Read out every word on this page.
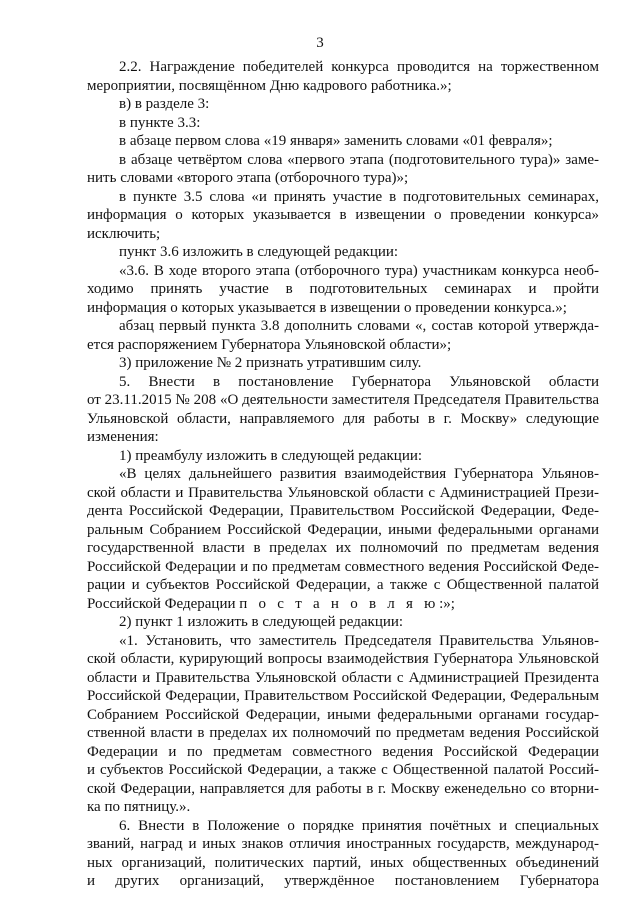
3
2.2. Награждение победителей конкурса проводится на торжественном
мероприятии, посвящённом Дню кадрового работника.»;
в) в разделе 3:
в пункте 3.3:
в абзаце первом слова «19 января» заменить словами «01 февраля»;
в абзаце четвёртом слова «первого этапа (подготовительного тура)» заме-
нить словами «второго этапа (отборочного тура)»;
в пункте 3.5 слова «и принять участие в подготовительных семинарах,
информация о которых указывается в извещении о проведении конкурса»
исключить;
пункт 3.6 изложить в следующей редакции:
«3.6. В ходе второго этапа (отборочного тура) участникам конкурса необ-
ходимо принять участие в подготовительных семинарах и пройти
информация о которых указывается в извещении о проведении конкурса.»;
абзац первый пункта 3.8 дополнить словами «, состав которой утвержда-
ется распоряжением Губернатора Ульяновской области»;
3) приложение № 2 признать утратившим силу.
5. Внести в постановление Губернатора Ульяновской области
от 23.11.2015 № 208 «О деятельности заместителя Председателя Правительства
Ульяновской области, направляемого для работы в г. Москву» следующие
изменения:
1) преамбулу изложить в следующей редакции:
«В целях дальнейшего развития взаимодействия Губернатора Ульянов-
ской области и Правительства Ульяновской области с Администрацией Прези-
дента Российской Федерации, Правительством Российской Федерации, Феде-
ральным Собранием Российской Федерации, иными федеральными органами
государственной власти в пределах их полномочий по предметам ведения
Российской Федерации и по предметам совместного ведения Российской Феде-
рации и субъектов Российской Федерации, а также с Общественной палатой
Российской Федерации п о с т а н о в л я ю:»;
2) пункт 1 изложить в следующей редакции:
«1. Установить, что заместитель Председателя Правительства Ульянов-
ской области, курирующий вопросы взаимодействия Губернатора Ульяновской
области и Правительства Ульяновской области с Администрацией Президента
Российской Федерации, Правительством Российской Федерации, Федеральным
Собранием Российской Федерации, иными федеральными органами государ-
ственной власти в пределах их полномочий по предметам ведения Российской
Федерации и по предметам совместного ведения Российской Федерации
и субъектов Российской Федерации, а также с Общественной палатой Россий-
ской Федерации, направляется для работы в г. Москву еженедельно со вторни-
ка по пятницу.».
6. Внести в Положение о порядке принятия почётных и специальных
званий, наград и иных знаков отличия иностранных государств, международ-
ных организаций, политических партий, иных общественных объединений
и других организаций, утверждённое постановлением Губернатора
